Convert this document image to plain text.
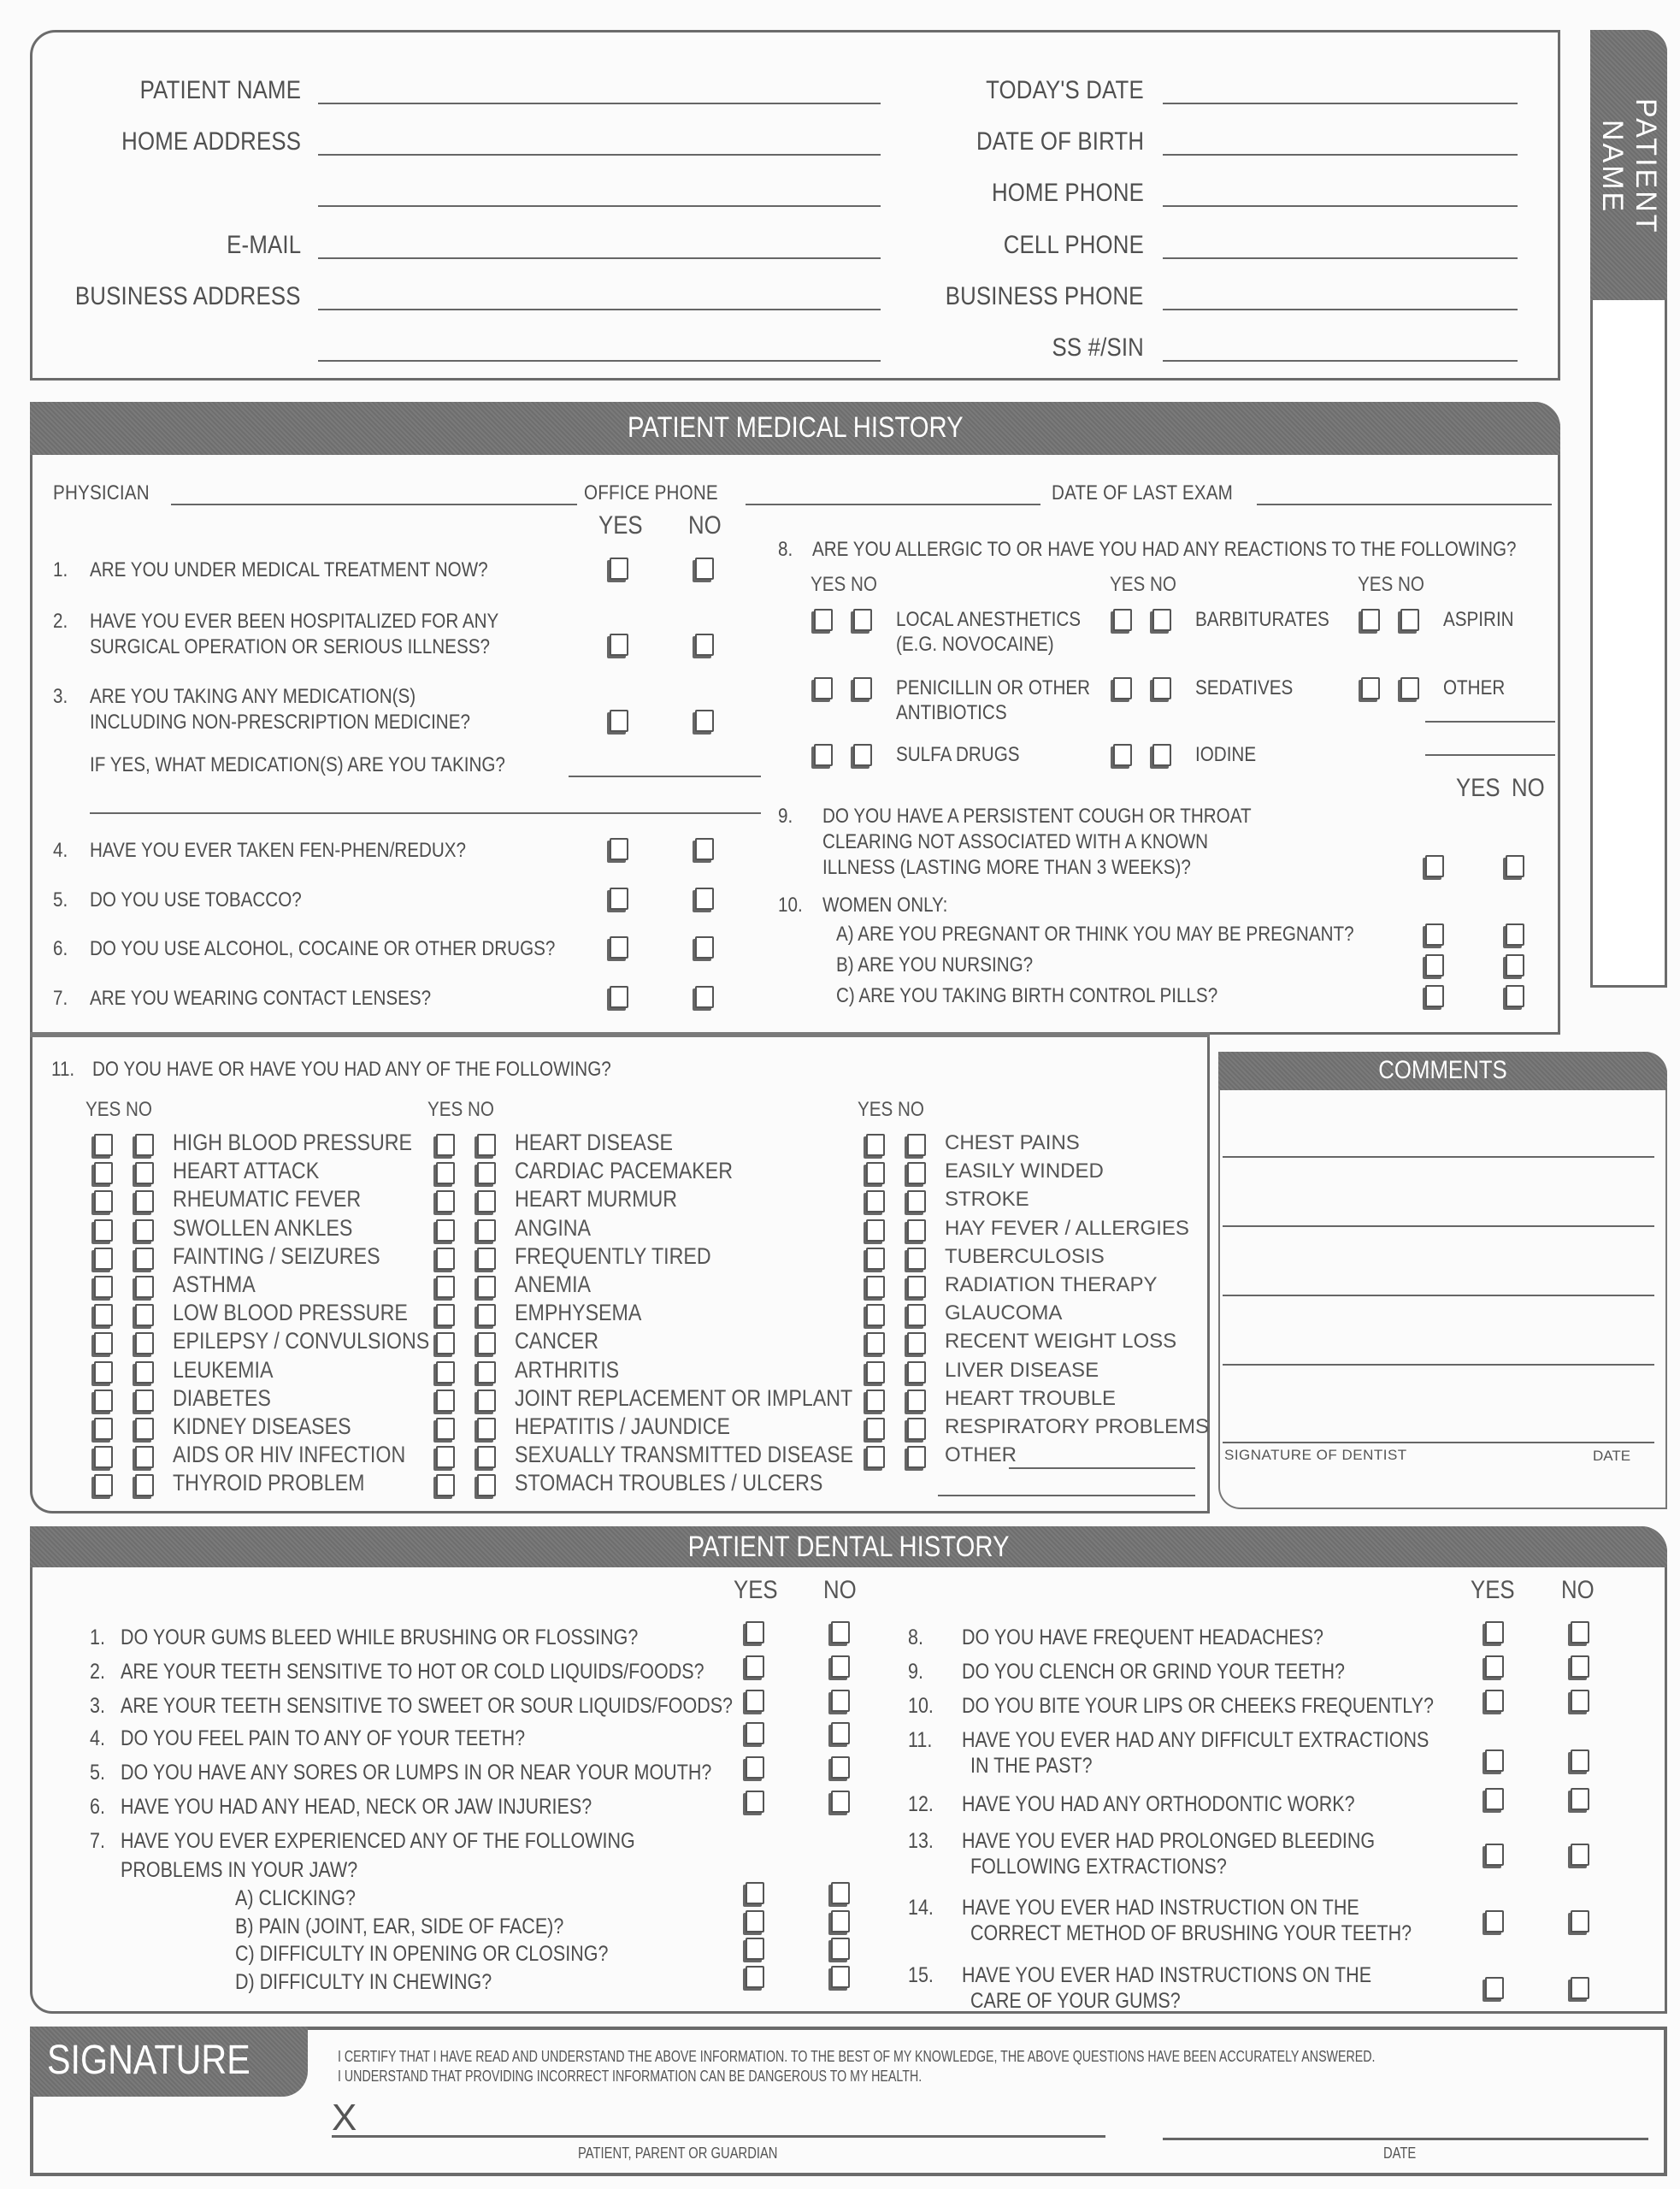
PATIENT NAME
HOME ADDRESS
E-MAIL
BUSINESS ADDRESS
TODAY'S DATE
DATE OF BIRTH
HOME PHONE
CELL PHONE
BUSINESS PHONE
SS #/SIN
PATIENT NAME
PATIENT MEDICAL HISTORY
PHYSICIAN	OFFICE PHONE	DATE OF LAST EXAM
YES NO
1. ARE YOU UNDER MEDICAL TREATMENT NOW?
2. HAVE YOU EVER BEEN HOSPITALIZED FOR ANY
SURGICAL OPERATION OR SERIOUS ILLNESS?
3. ARE YOU TAKING ANY MEDICATION(S)
INCLUDING NON-PRESCRIPTION MEDICINE?
4. HAVE YOU EVER TAKEN FEN-PHEN/REDUX?
5. DO YOU USE TOBACCO?
6. DO YOU USE ALCOHOL, COCAINE OR OTHER DRUGS?
7. ARE YOU WEARING CONTACT LENSES?
IF YES, WHAT MEDICATION(S) ARE YOU TAKING?
8. ARE YOU ALLERGIC TO OR HAVE YOU HAD ANY REACTIONS TO THE FOLLOWING?
YES NO	YES NO	YES NO
LOCAL ANESTHETICS
(E.G. NOVOCAINE)
BARBITURATES	ASPIRIN
PENICILLIN OR OTHER
ANTIBIOTICS
SEDATIVES	OTHER
SULFA DRUGS	IODINE
YES NO
9. DO YOU HAVE A PERSISTENT COUGH OR THROAT
CLEARING NOT ASSOCIATED WITH A KNOWN
ILLNESS (LASTING MORE THAN 3 WEEKS)?
10. WOMEN ONLY:
A) ARE YOU PREGNANT OR THINK YOU MAY BE PREGNANT?
B) ARE YOU NURSING?
C) ARE YOU TAKING BIRTH CONTROL PILLS?
11. DO YOU HAVE OR HAVE YOU HAD ANY OF THE FOLLOWING?
YES NO
HIGH BLOOD PRESSURE
HEART ATTACK
RHEUMATIC FEVER
SWOLLEN ANKLES
FAINTING / SEIZURES
ASTHMA
LOW BLOOD PRESSURE
EPILEPSY / CONVULSIONS
LEUKEMIA
DIABETES
KIDNEY DISEASES
AIDS OR HIV INFECTION
THYROID PROBLEM
YES NO
HEART DISEASE
CARDIAC PACEMAKER
HEART MURMUR
ANGINA
FREQUENTLY TIRED
ANEMIA
EMPHYSEMA
CANCER
ARTHRITIS
JOINT REPLACEMENT OR IMPLANT
HEPATITIS / JAUNDICE
SEXUALLY TRANSMITTED DISEASE
STOMACH TROUBLES / ULCERS
YES NO
CHEST PAINS
EASILY WINDED
STROKE
HAY FEVER / ALLERGIES
TUBERCULOSIS
RADIATION THERAPY
GLAUCOMA
RECENT WEIGHT LOSS
LIVER DISEASE
HEART TROUBLE
RESPIRATORY PROBLEMS
OTHER
COMMENTS
SIGNATURE OF DENTIST	DATE
PATIENT DENTAL HISTORY
YES NO	YES NO
1. DO YOUR GUMS BLEED WHILE BRUSHING OR FLOSSING?
2. ARE YOUR TEETH SENSITIVE TO HOT OR COLD LIQUIDS/FOODS?
3. ARE YOUR TEETH SENSITIVE TO SWEET OR SOUR LIQUIDS/FOODS?
4. DO YOU FEEL PAIN TO ANY OF YOUR TEETH?
5. DO YOU HAVE ANY SORES OR LUMPS IN OR NEAR YOUR MOUTH?
6. HAVE YOU HAD ANY HEAD, NECK OR JAW INJURIES?
7. HAVE YOU EVER EXPERIENCED ANY OF THE FOLLOWING
PROBLEMS IN YOUR JAW?
A) CLICKING?
B) PAIN (JOINT, EAR, SIDE OF FACE)?
C) DIFFICULTY IN OPENING OR CLOSING?
D) DIFFICULTY IN CHEWING?
8. DO YOU HAVE FREQUENT HEADACHES?
9. DO YOU CLENCH OR GRIND YOUR TEETH?
10. DO YOU BITE YOUR LIPS OR CHEEKS FREQUENTLY?
11. HAVE YOU EVER HAD ANY DIFFICULT EXTRACTIONS
IN THE PAST?
12. HAVE YOU HAD ANY ORTHODONTIC WORK?
13. HAVE YOU EVER HAD PROLONGED BLEEDING
FOLLOWING EXTRACTIONS?
14. HAVE YOU EVER HAD INSTRUCTION ON THE
CORRECT METHOD OF BRUSHING YOUR TEETH?
15. HAVE YOU EVER HAD INSTRUCTIONS ON THE
CARE OF YOUR GUMS?
SIGNATURE	I CERTIFY THAT I HAVE READ AND UNDERSTAND THE ABOVE INFORMATION. TO THE BEST OF MY KNOWLEDGE, THE ABOVE QUESTIONS HAVE BEEN ACCURATELY ANSWERED.
I UNDERSTAND THAT PROVIDING INCORRECT INFORMATION CAN BE DANGEROUS TO MY HEALTH.
X
PATIENT, PARENT OR GUARDIAN	DATE
